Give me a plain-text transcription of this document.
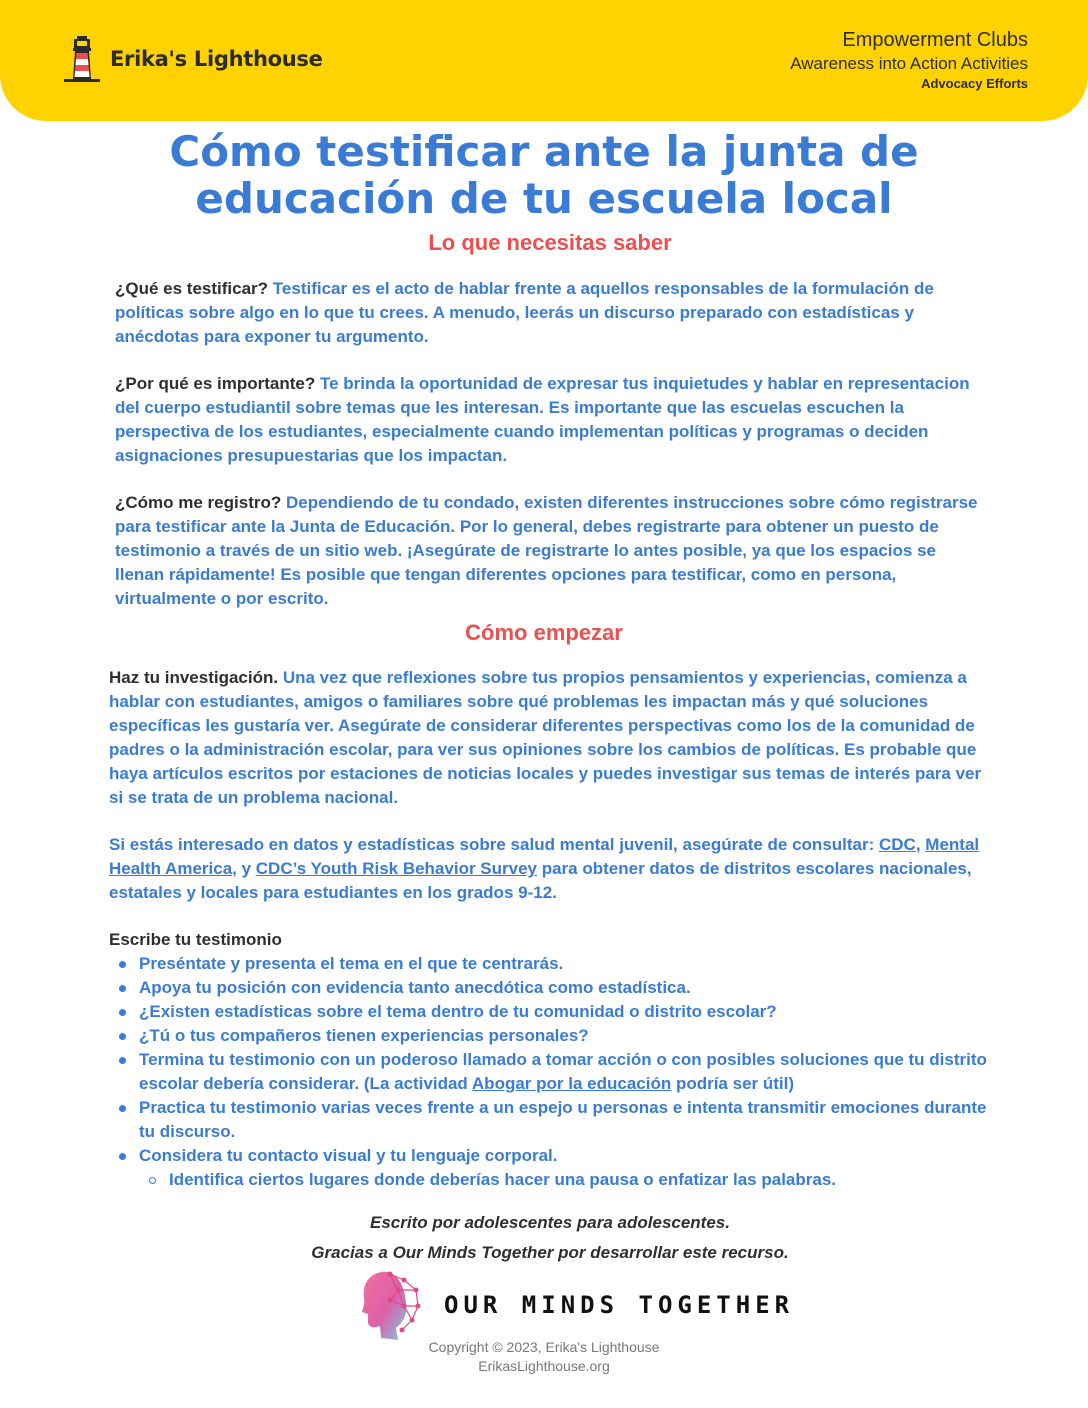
Erika's Lighthouse
Empowerment Clubs
Awareness into Action Activities
Advocacy Efforts
Cómo testificar ante la junta de
educación de tu escuela local
Lo que necesitas saber
¿Qué es testificar? Testificar es el acto de hablar frente a aquellos responsables de la formulación de políticas sobre algo en lo que tu crees. A menudo, leerás un discurso preparado con estadísticas y anécdotas para exponer tu argumento.
¿Por qué es importante? Te brinda la oportunidad de expresar tus inquietudes y hablar en representacion del cuerpo estudiantil sobre temas que les interesan. Es importante que las escuelas escuchen la perspectiva de los estudiantes, especialmente cuando implementan políticas y programas o deciden asignaciones presupuestarias que los impactan.
¿Cómo me registro? Dependiendo de tu condado, existen diferentes instrucciones sobre cómo registrarse para testificar ante la Junta de Educación. Por lo general, debes registrarte para obtener un puesto de testimonio a través de un sitio web. ¡Asegúrate de registrarte lo antes posible, ya que los espacios se llenan rápidamente! Es posible que tengan diferentes opciones para testificar, como en persona, virtualmente o por escrito.
Cómo empezar
Haz tu investigación. Una vez que reflexiones sobre tus propios pensamientos y experiencias, comienza a hablar con estudiantes, amigos o familiares sobre qué problemas les impactan más y qué soluciones específicas les gustaría ver. Asegúrate de considerar diferentes perspectivas como los de la comunidad de padres o la administración escolar, para ver sus opiniones sobre los cambios de políticas. Es probable que haya artículos escritos por estaciones de noticias locales y puedes investigar sus temas de interés para ver si se trata de un problema nacional.
Si estás interesado en datos y estadísticas sobre salud mental juvenil, asegúrate de consultar: CDC, Mental Health America, y CDC’s Youth Risk Behavior Survey para obtener datos de distritos escolares nacionales, estatales y locales para estudiantes en los grados 9-12.
Escribe tu testimonio
Preséntate y presenta el tema en el que te centrarás.
Apoya tu posición con evidencia tanto anecdótica como estadística.
¿Existen estadísticas sobre el tema dentro de tu comunidad o distrito escolar?
¿Tú o tus compañeros tienen experiencias personales?
Termina tu testimonio con un poderoso llamado a tomar acción o con posibles soluciones que tu distrito escolar debería considerar. (La actividad Abogar por la educación podría ser útil)
Practica tu testimonio varias veces frente a un espejo u personas e intenta transmitir emociones durante tu discurso.
Considera tu contacto visual y tu lenguaje corporal.
Identifica ciertos lugares donde deberías hacer una pausa o enfatizar las palabras.
Escrito por adolescentes para adolescentes.
Gracias a Our Minds Together por desarrollar este recurso.
OUR MINDS TOGETHER
Copyright © 2023, Erika's Lighthouse
ErikasLighthouse.org
